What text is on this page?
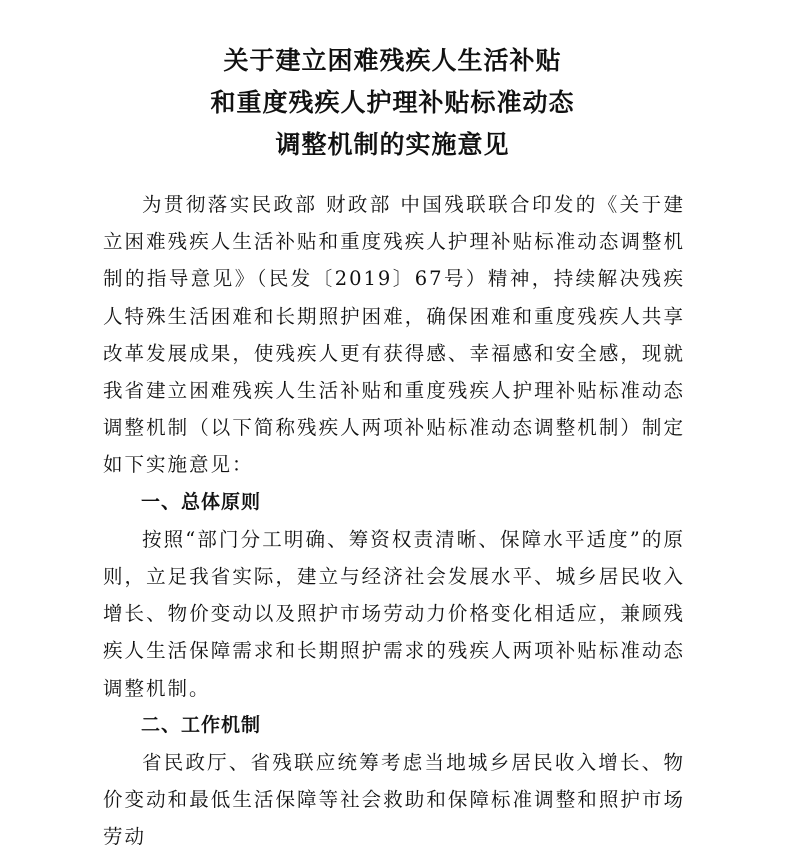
关于建立困难残疾人生活补贴
和重度残疾人护理补贴标准动态
调整机制的实施意见

为贯彻落实民政部 财政部 中国残联联合印发的《关于建立困难残疾人生活补贴和重度残疾人护理补贴标准动态调整机制的指导意见》（民发〔2019〕67号）精神，持续解决残疾人特殊生活困难和长期照护困难，确保困难和重度残疾人共享改革发展成果，使残疾人更有获得感、幸福感和安全感，现就我省建立困难残疾人生活补贴和重度残疾人护理补贴标准动态调整机制（以下简称残疾人两项补贴标准动态调整机制）制定如下实施意见：

一、总体原则

按照“部门分工明确、筹资权责清晰、保障水平适度”的原则，立足我省实际，建立与经济社会发展水平、城乡居民收入增长、物价变动以及照护市场劳动力价格变化相适应，兼顾残疾人生活保障需求和长期照护需求的残疾人两项补贴标准动态调整机制。

二、工作机制

省民政厅、省残联应统筹考虑当地城乡居民收入增长、物价变动和最低生活保障等社会救助和保障标准调整和照护市场劳动
